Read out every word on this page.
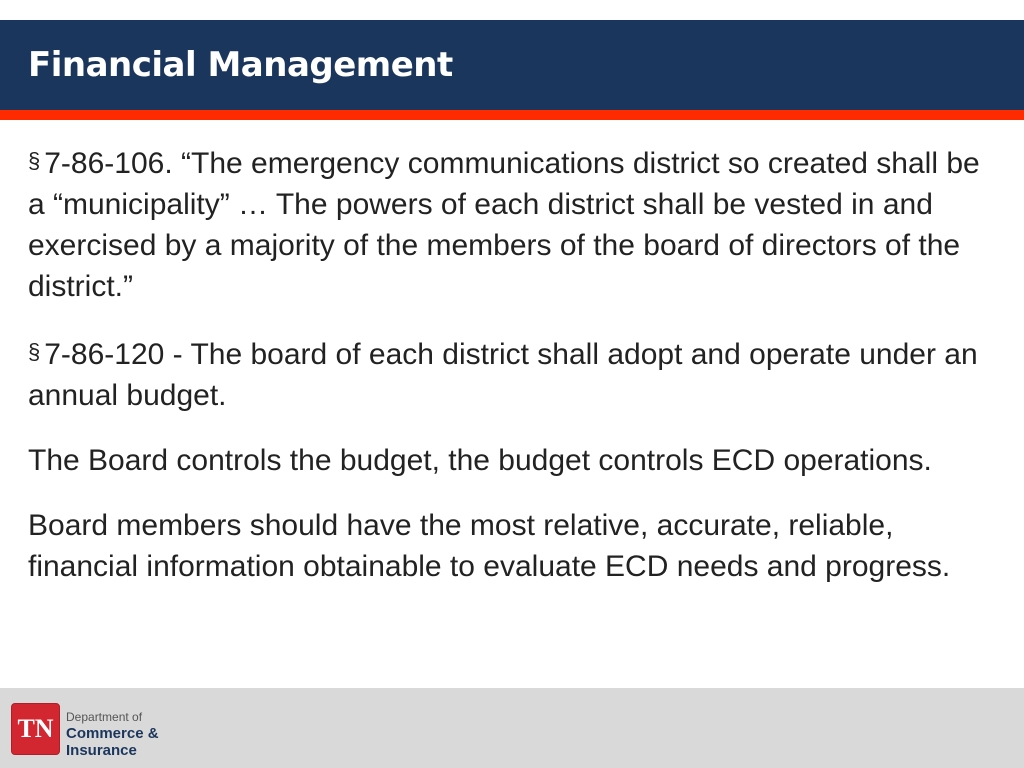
Financial Management

§ 7-86-106. “The emergency communications district so created shall be a “municipality” … The powers of each district shall be vested in and exercised by a majority of the members of the board of directors of the district.”

§ 7-86-120 - The board of each district shall adopt and operate under an annual budget.

The Board controls the budget, the budget controls ECD operations.

Board members should have the most relative, accurate, reliable, financial information obtainable to evaluate ECD needs and progress.

TN	Department of
Commerce &
Insurance
